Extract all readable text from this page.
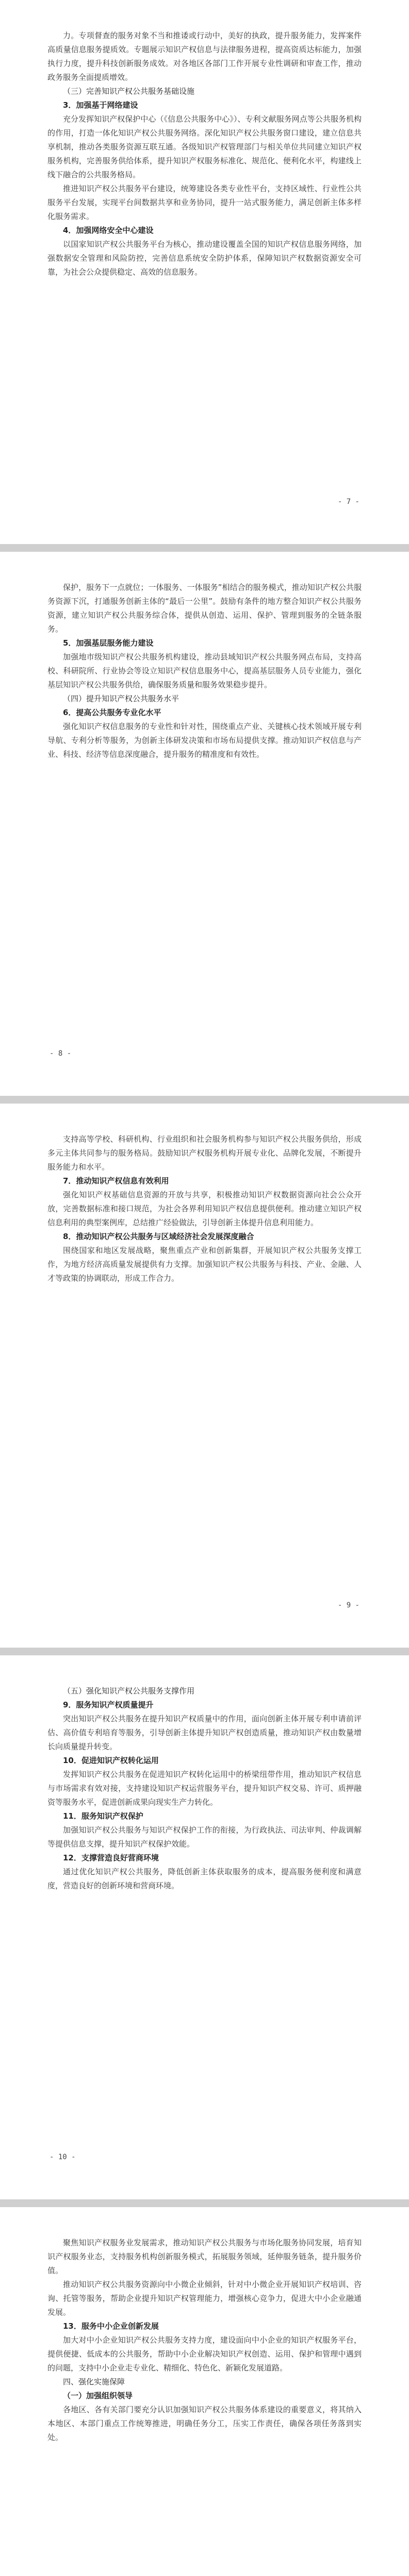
力。专项督查的服务对象不当和推诿或行动中，美好的执政，提升服务能力，发挥案件高质量信息服务提质效。专题展示知识产权信息与法律服务进程，提高资质达标能力，加强执行力度，提升科技创新服务成效。对各地区各部门工作开展专业性调研和审查工作，推动政务服务全面提质增效。

（三）完善知识产权公共服务基础设施
3．加强基于网络建设

充分发挥知识产权保护中心（《信息公共服务中心》）、专利文献服务网点等公共服务机构的作用，打造一体化知识产权公共服务网络。深化知识产权公共服务窗口建设，建立信息共享机制，推动各类服务资源互联互通。各级知识产权管理部门与相关单位共同建立知识产权服务机构，完善服务供给体系，提升知识产权服务标准化、规范化、便利化水平，构建线上线下融合的公共服务格局。

推进知识产权公共服务平台建设，统筹建设各类专业性平台，支持区域性、行业性公共服务平台发展，实现平台间数据共享和业务协同，提升一站式服务能力，满足创新主体多样化服务需求。

4．加强网络安全中心建设

以国家知识产权公共服务平台为核心，推动建设覆盖全国的知识产权信息服务网络，加强数据安全管理和风险防控，完善信息系统安全防护体系，保障知识产权数据资源安全可靠，为社会公众提供稳定、高效的信息服务。

- 7 -

保护，服务下一点就位；一体服务、一体服务”相结合的服务模式，推动知识产权公共服务资源下沉，打通服务创新主体的“最后一公里”。鼓励有条件的地方整合知识产权公共服务资源，建立知识产权公共服务综合体，提供从创造、运用、保护、管理到服务的全链条服务。

5．加强基层服务能力建设

加强地市级知识产权公共服务机构建设，推动县域知识产权公共服务网点布局，支持高校、科研院所、行业协会等设立知识产权信息服务中心，提高基层服务人员专业能力，强化基层知识产权公共服务供给，确保服务质量和服务效果稳步提升。

（四）提升知识产权公共服务水平
6．提高公共服务专业化水平

强化知识产权信息服务的专业性和针对性，围绕重点产业、关键核心技术领域开展专利导航、专利分析等服务，为创新主体研发决策和市场布局提供支撑。推动知识产权信息与产业、科技、经济等信息深度融合，提升服务的精准度和有效性。

- 8 -

支持高等学校、科研机构、行业组织和社会服务机构参与知识产权公共服务供给，形成多元主体共同参与的服务格局。鼓励知识产权服务机构开展专业化、品牌化发展，不断提升服务能力和水平。

7．推动知识产权信息有效利用

强化知识产权基础信息资源的开放与共享，积极推动知识产权数据资源向社会公众开放，完善数据标准和接口规范，为社会各界利用知识产权信息提供便利。推动建立知识产权信息利用的典型案例库，总结推广经验做法，引导创新主体提升信息利用能力。

8．推动知识产权公共服务与区域经济社会发展深度融合

围绕国家和地区发展战略，聚焦重点产业和创新集群，开展知识产权公共服务支撑工作，为地方经济高质量发展提供有力支撑。加强知识产权公共服务与科技、产业、金融、人才等政策的协调联动，形成工作合力。

- 9 -
（五）强化知识产权公共服务支撑作用
9．服务知识产权质量提升

突出知识产权公共服务在提升知识产权质量中的作用，面向创新主体开展专利申请前评估、高价值专利培育等服务，引导创新主体提升知识产权创造质量，推动知识产权由数量增长向质量提升转变。

10．促进知识产权转化运用

发挥知识产权公共服务在促进知识产权转化运用中的桥梁纽带作用，推动知识产权信息与市场需求有效对接，支持建设知识产权运营服务平台，提升知识产权交易、许可、质押融资等服务水平，促进创新成果向现实生产力转化。

11．服务知识产权保护

加强知识产权公共服务与知识产权保护工作的衔接，为行政执法、司法审判、仲裁调解等提供信息支撑，提升知识产权保护效能。

12．支撑营造良好营商环境

通过优化知识产权公共服务，降低创新主体获取服务的成本，提高服务便利度和满意度，营造良好的创新环境和营商环境。

- 10 -

聚焦知识产权服务业发展需求，推动知识产权公共服务与市场化服务协同发展，培育知识产权服务业态，支持服务机构创新服务模式，拓展服务领域，延伸服务链条，提升服务价值。

推动知识产权公共服务资源向中小微企业倾斜，针对中小微企业开展知识产权培训、咨询、托管等服务，帮助企业提升知识产权管理能力，增强核心竞争力，促进大中小企业融通发展。

13．服务中小企业创新发展

加大对中小企业知识产权公共服务支持力度，建设面向中小企业的知识产权服务平台，提供便捷、低成本的公共服务，帮助中小企业解决知识产权创造、运用、保护和管理中遇到的问题，支持中小企业走专业化、精细化、特色化、新颖化发展道路。

四、强化实施保障
（一）加强组织领导

各地区、各有关部门要充分认识加强知识产权公共服务体系建设的重要意义，将其纳入本地区、本部门重点工作统筹推进，明确任务分工，压实工作责任，确保各项任务落到实处。
